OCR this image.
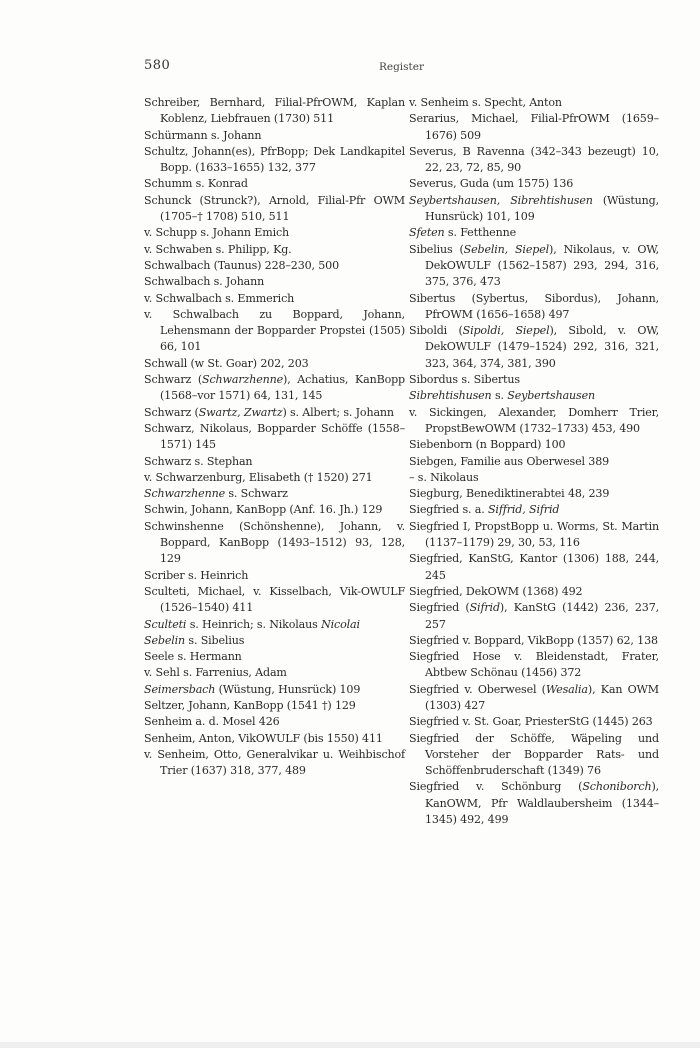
580	Register

Schreiber, Bernhard, Filial-PfrOWM, Kaplan Koblenz, Liebfrauen (1730) 511

Schürmann s. Johann

Schultz, Johann(es), PfrBopp; Dek Landkapitel Bopp. (1633–1655) 132, 377

Schumm s. Konrad

Schunck (Strunck?), Arnold, Filial-Pfr OWM (1705–† 1708) 510, 511

v. Schupp s. Johann Emich

v. Schwaben s. Philipp, Kg.

Schwalbach (Taunus) 228–230, 500

Schwalbach s. Johann

v. Schwalbach s. Emmerich

v. Schwalbach zu Boppard, Johann, Lehensmann der Bopparder Propstei (1505) 66, 101

Schwall (w St. Goar) 202, 203

Schwarz (Schwarzhenne), Achatius, KanBopp (1568–vor 1571) 64, 131, 145

Schwarz (Swartz, Zwartz) s. Albert; s. Johann

Schwarz, Nikolaus, Bopparder Schöffe (1558–1571) 145

Schwarz s. Stephan

v. Schwarzenburg, Elisabeth († 1520) 271

Schwarzhenne s. Schwarz

Schwin, Johann, KanBopp (Anf. 16. Jh.) 129

Schwinshenne (Schönshenne), Johann, v. Boppard, KanBopp (1493–1512) 93, 128, 129

Scriber s. Heinrich

Sculteti, Michael, v. Kisselbach, Vik-OWULF (1526–1540) 411

Sculteti s. Heinrich; s. Nikolaus Nicolai

Sebelin s. Sibelius

Seele s. Hermann

v. Sehl s. Farrenius, Adam

Seimersbach (Wüstung, Hunsrück) 109

Seltzer, Johann, KanBopp (1541 †) 129

Senheim a. d. Mosel 426

Senheim, Anton, VikOWULF (bis 1550) 411

v. Senheim, Otto, Generalvikar u. Weihbischof Trier (1637) 318, 377, 489

v. Senheim s. Specht, Anton

Serarius, Michael, Filial-PfrOWM (1659–1676) 509

Severus, B Ravenna (342–343 bezeugt) 10, 22, 23, 72, 85, 90

Severus, Guda (um 1575) 136

Seybertshausen, Sibrehtishusen (Wüstung, Hunsrück) 101, 109

Sfeten s. Fetthenne

Sibelius (Sebelin, Siepel), Nikolaus, v. OW, DekOWULF (1562–1587) 293, 294, 316, 375, 376, 473

Sibertus (Sybertus, Sibordus), Johann, PfrOWM (1656–1658) 497

Siboldi (Sipoldi, Siepel), Sibold, v. OW, DekOWULF (1479–1524) 292, 316, 321, 323, 364, 374, 381, 390

Sibordus s. Sibertus

Sibrehtishusen s. Seybertshausen

v. Sickingen, Alexander, Domherr Trier, PropstBewOWM (1732–1733) 453, 490

Siebenborn (n Boppard) 100

Siebgen, Familie aus Oberwesel 389

– s. Nikolaus

Siegburg, Benediktinerabtei 48, 239

Siegfried s. a. Siffrid, Sifrid

Siegfried I, PropstBopp u. Worms, St. Martin (1137–1179) 29, 30, 53, 116

Siegfried, KanStG, Kantor (1306) 188, 244, 245

Siegfried, DekOWM (1368) 492

Siegfried (Sifrid), KanStG (1442) 236, 237, 257

Siegfried v. Boppard, VikBopp (1357) 62, 138

Siegfried Hose v. Bleidenstadt, Frater, Abtbew Schönau (1456) 372

Siegfried v. Oberwesel (Wesalia), Kan OWM (1303) 427

Siegfried v. St. Goar, PriesterStG (1445) 263

Siegfried der Schöffe, Wäpeling und Vorsteher der Bopparder Rats- und Schöffenbruderschaft (1349) 76

Siegfried v. Schönburg (Schoniborch), KanOWM, Pfr Waldlaubersheim (1344–1345) 492, 499
